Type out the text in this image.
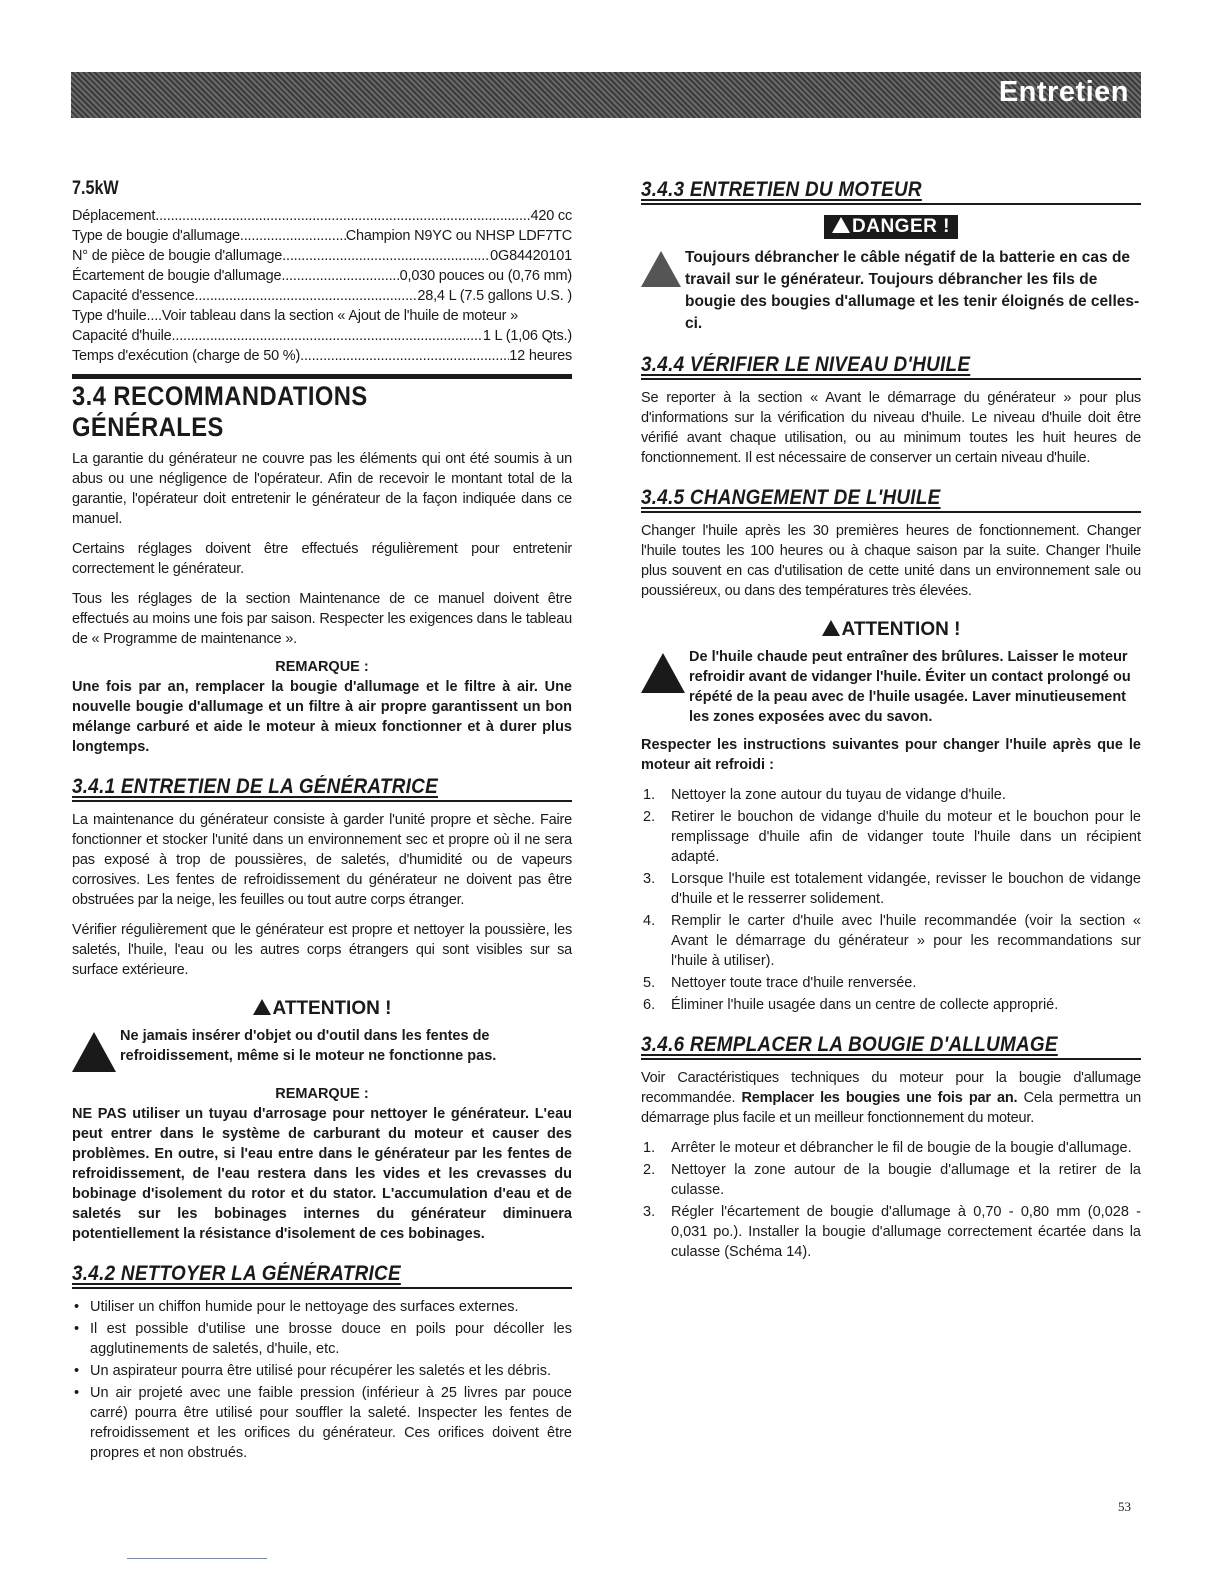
Entretien
7.5kW
Déplacement .....	420 cc
Type de bougie d'allumage .....	Champion N9YC ou NHSP LDF7TC
N° de pièce de bougie d'allumage .....	0G84420101
Écartement de bougie d'allumage .....	0,030 pouces ou (0,76 mm)
Capacité d'essence .....	28,4 L (7.5 gallons U.S. )
Type d'huile.... Voir tableau dans la section « Ajout de l'huile de moteur »
Capacité d'huile .....	1 L (1,06 Qts.)
Temps d'exécution (charge de 50 %) .....	12 heures
3.4 RECOMMANDATIONS GÉNÉRALES

La garantie du générateur ne couvre pas les éléments qui ont été soumis à un abus ou une négligence de l'opérateur. Afin de recevoir le montant total de la garantie, l'opérateur doit entretenir le générateur de la façon indiquée dans ce manuel.

Certains réglages doivent être effectués régulièrement pour entretenir correctement le générateur.

Tous les réglages de la section Maintenance de ce manuel doivent être effectués au moins une fois par saison. Respecter les exigences dans le tableau de « Programme de maintenance ».

REMARQUE :

Une fois par an, remplacer la bougie d'allumage et le filtre à air. Une nouvelle bougie d'allumage et un filtre à air propre garantissent un bon mélange carburé et aide le moteur à mieux fonctionner et à durer plus longtemps.

3.4.1 ENTRETIEN DE LA GÉNÉRATRICE

La maintenance du générateur consiste à garder l'unité propre et sèche. Faire fonctionner et stocker l'unité dans un environnement sec et propre où il ne sera pas exposé à trop de poussières, de saletés, d'humidité ou de vapeurs corrosives. Les fentes de refroidissement du générateur ne doivent pas être obstruées par la neige, les feuilles ou tout autre corps étranger.

Vérifier régulièrement que le générateur est propre et nettoyer la poussière, les saletés, l'huile, l'eau ou les autres corps étrangers qui sont visibles sur sa surface extérieure.

ATTENTION !
Ne jamais insérer d'objet ou d'outil dans les fentes de refroidissement, même si le moteur ne fonctionne pas.
REMARQUE :

NE PAS utiliser un tuyau d'arrosage pour nettoyer le générateur. L'eau peut entrer dans le système de carburant du moteur et causer des problèmes. En outre, si l'eau entre dans le générateur par les fentes de refroidissement, de l'eau restera dans les vides et les crevasses du bobinage d'isolement du rotor et du stator. L'accumulation d'eau et de saletés sur les bobinages internes du générateur diminuera potentiellement la résistance d'isolement de ces bobinages.

3.4.2 NETTOYER LA GÉNÉRATRICE
• Utiliser un chiffon humide pour le nettoyage des surfaces externes.
• Il est possible d'utilise une brosse douce en poils pour décoller les agglutinements de saletés, d'huile, etc.
• Un aspirateur pourra être utilisé pour récupérer les saletés et les débris.
• Un air projeté avec une faible pression (inférieur à 25 livres par pouce carré) pourra être utilisé pour souffler la saleté. Inspecter les fentes de refroidissement et les orifices du générateur. Ces orifices doivent être propres et non obstrués.
3.4.3 ENTRETIEN DU MOTEUR
DANGER !
Toujours débrancher le câble négatif de la batterie en cas de travail sur le générateur. Toujours débrancher les fils de bougie des bougies d'allumage et les tenir éloignés de celles-ci.
3.4.4 VÉRIFIER LE NIVEAU D'HUILE

Se reporter à la section « Avant le démarrage du générateur » pour plus d'informations sur la vérification du niveau d'huile. Le niveau d'huile doit être vérifié avant chaque utilisation, ou au minimum toutes les huit heures de fonctionnement. Il est nécessaire de conserver un certain niveau d'huile.

3.4.5 CHANGEMENT DE L'HUILE

Changer l'huile après les 30 premières heures de fonctionnement. Changer l'huile toutes les 100 heures ou à chaque saison par la suite. Changer l'huile plus souvent en cas d'utilisation de cette unité dans un environnement sale ou poussiéreux, ou dans des températures très élevées.

ATTENTION !
De l'huile chaude peut entraîner des brûlures. Laisser le moteur refroidir avant de vidanger l'huile. Éviter un contact prolongé ou répété de la peau avec de l'huile usagée. Laver minutieusement les zones exposées avec du savon.

Respecter les instructions suivantes pour changer l'huile après que le moteur ait refroidi :

1. Nettoyer la zone autour du tuyau de vidange d'huile.
2. Retirer le bouchon de vidange d'huile du moteur et le bouchon pour le remplissage d'huile afin de vidanger toute l'huile dans un récipient adapté.
3. Lorsque l'huile est totalement vidangée, revisser le bouchon de vidange d'huile et le resserrer solidement.
4. Remplir le carter d'huile avec l'huile recommandée (voir la section « Avant le démarrage du générateur » pour les recommandations sur l'huile à utiliser).
5. Nettoyer toute trace d'huile renversée.
6. Éliminer l'huile usagée dans un centre de collecte approprié.
3.4.6 REMPLACER LA BOUGIE D'ALLUMAGE

Voir Caractéristiques techniques du moteur pour la bougie d'allumage recommandée. Remplacer les bougies une fois par an. Cela permettra un démarrage plus facile et un meilleur fonctionnement du moteur.

1. Arrêter le moteur et débrancher le fil de bougie de la bougie d'allumage.
2. Nettoyer la zone autour de la bougie d'allumage et la retirer de la culasse.
3. Régler l'écartement de bougie d'allumage à 0,70 - 0,80 mm (0,028 - 0,031 po.). Installer la bougie d'allumage correctement écartée dans la culasse (Schéma 14).
53
